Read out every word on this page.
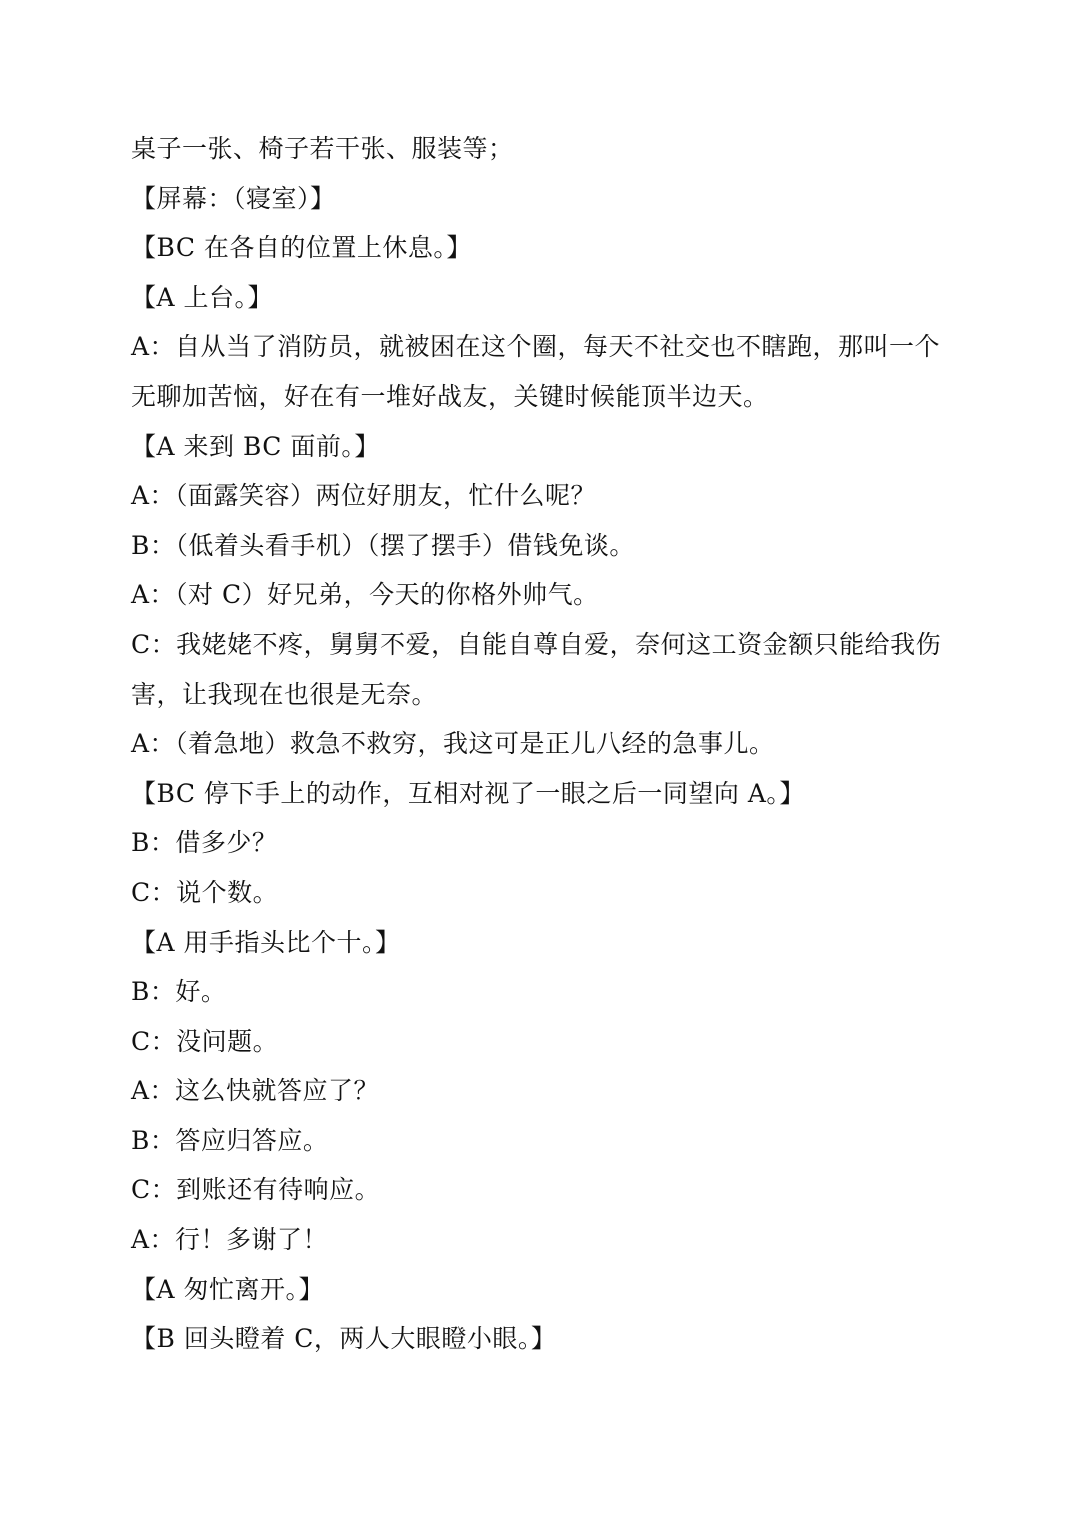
桌子一张、椅子若干张、服装等；
【屏幕：（寝室）】
【BC 在各自的位置上休息。】
【A 上台。】
A：自从当了消防员，就被困在这个圈，每天不社交也不瞎跑，那叫一个
无聊加苦恼，好在有一堆好战友，关键时候能顶半边天。
【A 来到 BC 面前。】
A：（面露笑容）两位好朋友，忙什么呢？
B：（低着头看手机）（摆了摆手）借钱免谈。
A：（对 C）好兄弟，今天的你格外帅气。
C：我姥姥不疼，舅舅不爱，自能自尊自爱，奈何这工资金额只能给我伤
害，让我现在也很是无奈。
A：（着急地）救急不救穷，我这可是正儿八经的急事儿。
【BC 停下手上的动作，互相对视了一眼之后一同望向 A。】
B：借多少？
C：说个数。
【A 用手指头比个十。】
B：好。
C：没问题。
A：这么快就答应了？
B：答应归答应。
C：到账还有待响应。
A：行！多谢了！
【A 匆忙离开。】
【B 回头瞪着 C，两人大眼瞪小眼。】
